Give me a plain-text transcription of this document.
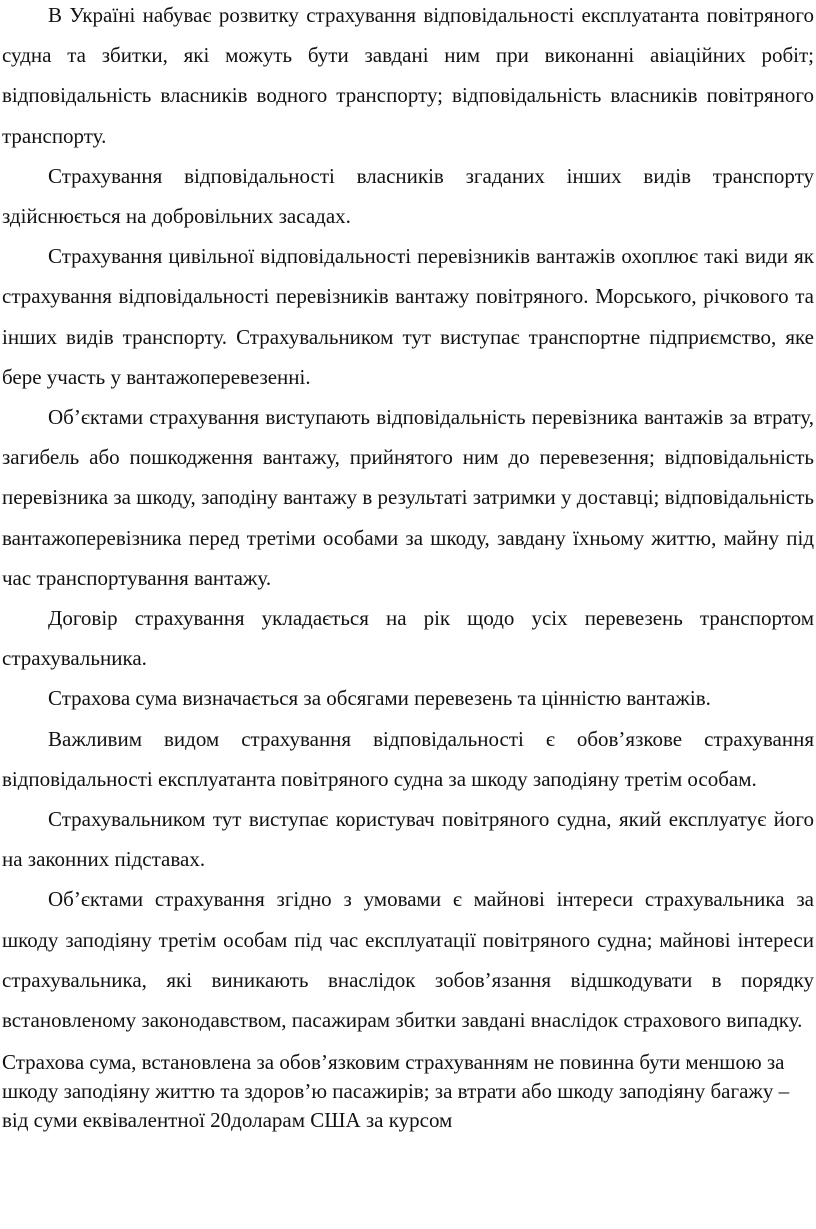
В Україні набуває розвитку страхування відповідальності експлуатанта повітряного судна та збитки, які можуть бути завдані ним при виконанні авіаційних робіт; відповідальність власників водного транспорту; відповідальність власників повітряного транспорту.

Страхування відповідальності власників згаданих інших видів транспорту здійснюється на добровільних засадах.

Страхування цивільної відповідальності перевізників вантажів охоплює такі види як страхування відповідальності перевізників вантажу повітряного. Морського, річкового та інших видів транспорту. Страхувальником тут виступає транспортне підприємство, яке бере участь у вантажоперевезенні.

Об’єктами страхування виступають відповідальність перевізника вантажів за втрату, загибель або пошкодження вантажу, прийнятого ним до перевезення; відповідальність перевізника за шкоду, заподіну вантажу в результаті затримки у доставці; відповідальність вантажоперевізника перед третіми особами за шкоду, завдану їхньому життю, майну під час транспортування вантажу.

Договір страхування укладається на рік щодо усіх перевезень транспортом страхувальника.

Страхова сума визначається за обсягами перевезень та цінністю вантажів.

Важливим видом страхування відповідальності є обов’язкове страхування відповідальності експлуатанта повітряного судна за шкоду заподіяну третім особам.

Страхувальником тут виступає користувач повітряного судна, який експлуатує його на законних підставах.

Об’єктами страхування згідно з умовами є майнові інтереси страхувальника за шкоду заподіяну третім особам під час експлуатації повітряного судна; майнові інтереси страхувальника, які виникають внаслідок зобов’язання відшкодувати в порядку встановленому законодавством, пасажирам збитки завдані внаслідок страхового випадку.

Страхова сума, встановлена за обов’язковим страхуванням не повинна бути меншою за шкоду заподіяну життю та здоров’ю пасажирів; за втрати або шкоду заподіяну багажу – від суми еквівалентної 20доларам США за курсом
